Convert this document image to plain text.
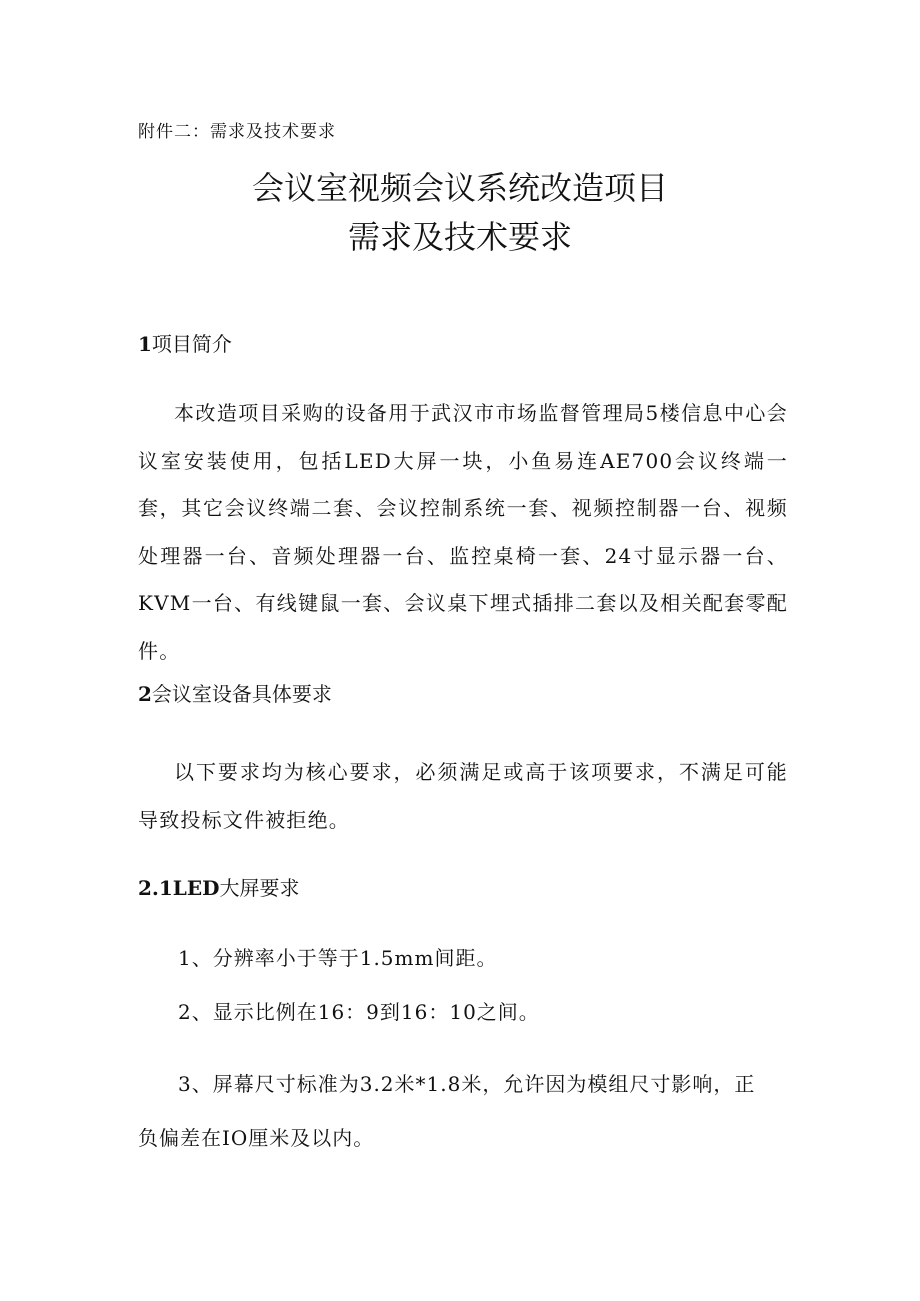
附件二：需求及技术要求
会议室视频会议系统改造项目
需求及技术要求
1项目简介
本改造项目采购的设备用于武汉市市场监督管理局5楼信息中心会议室安装使用，包括LED大屏一块，小鱼易连AE700会议终端一套，其它会议终端二套、会议控制系统一套、视频控制器一台、视频处理器一台、音频处理器一台、监控桌椅一套、24寸显示器一台、KVM一台、有线键鼠一套、会议桌下埋式插排二套以及相关配套零配件。
2会议室设备具体要求
以下要求均为核心要求，必须满足或高于该项要求，不满足可能导致投标文件被拒绝。
2.1LED大屏要求
1、分辨率小于等于1.5mm间距。
2、显示比例在16：9到16：10之间。
3、屏幕尺寸标准为3.2米*1.8米，允许因为模组尺寸影响，正
负偏差在IO厘米及以内。
